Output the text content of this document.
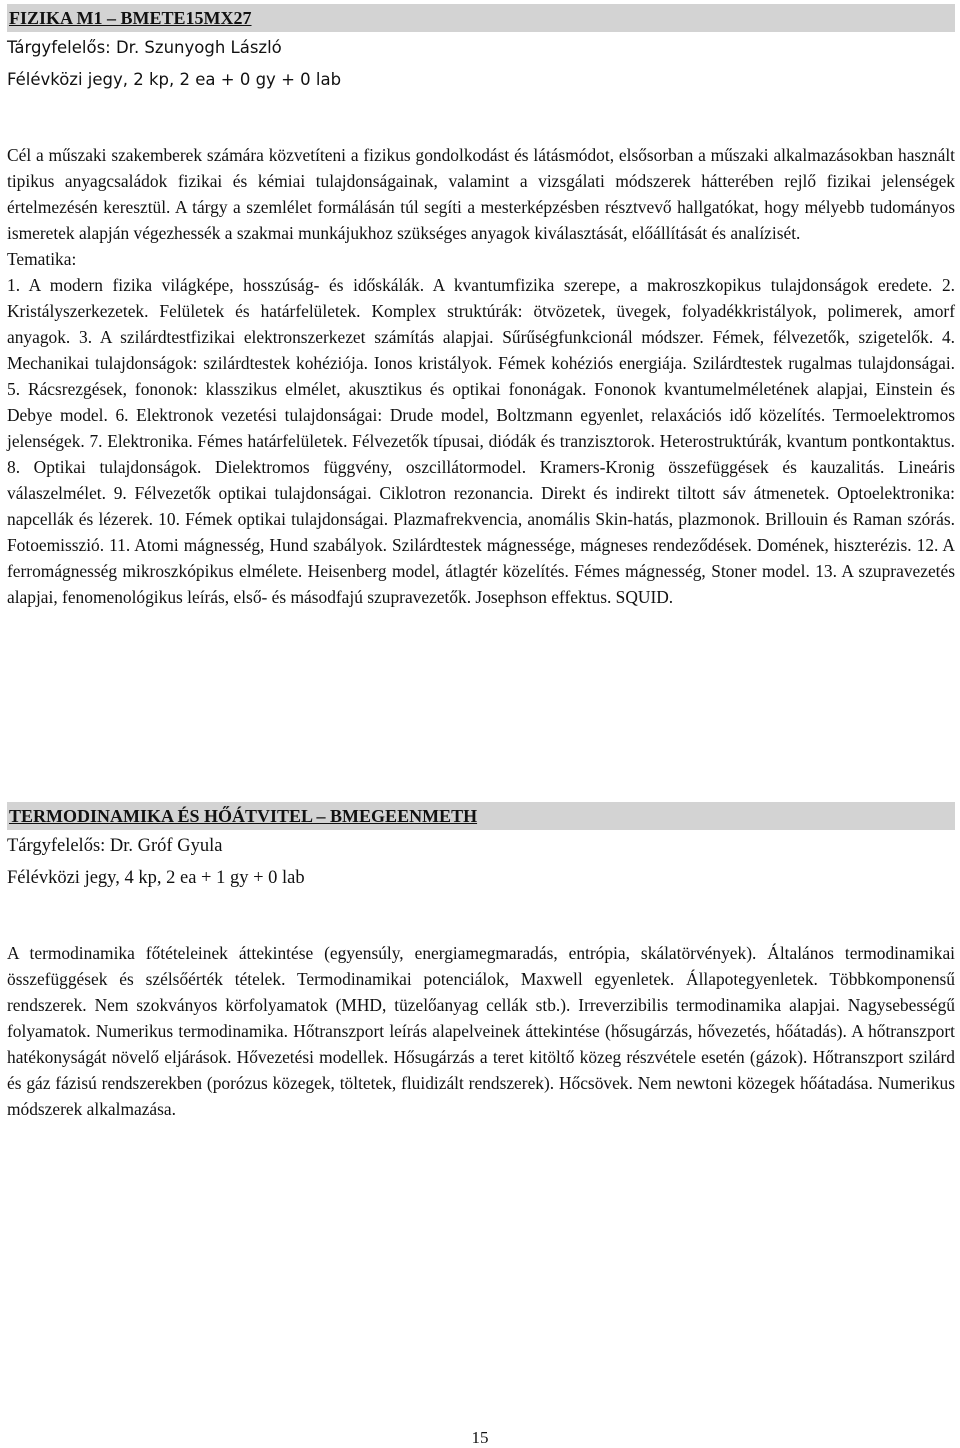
FIZIKA M1 – BMETE15MX27

Tárgyfelelős: Dr. Szunyogh László

Félévközi jegy, 2 kp, 2 ea + 0 gy + 0 lab

Cél a műszaki szakemberek számára közvetíteni a fizikus gondolkodást és látásmódot, elsősorban a műszaki alkalmazásokban használt tipikus anyagcsaládok fizikai és kémiai tulajdonságainak, valamint a vizsgálati módszerek hátterében rejlő fizikai jelenségek értelmezésén keresztül. A tárgy a szemlélet formálásán túl segíti a mesterképzésben résztvevő hallgatókat, hogy mélyebb tudományos ismeretek alapján végezhessék a szakmai munkájukhoz szükséges anyagok kiválasztását, előállítását és analízisét.

Tematika:

1. A modern fizika világképe, hosszúság- és időskálák. A kvantumfizika szerepe, a makroszkopikus tulajdonságok eredete. 2. Kristályszerkezetek. Felületek és határfelületek. Komplex struktúrák: ötvözetek, üvegek, folyadékkristályok, polimerek, amorf anyagok. 3. A szilárdtestfizikai elektronszerkezet számítás alapjai. Sűrűségfunkcionál módszer. Fémek, félvezetők, szigetelők. 4. Mechanikai tulajdonságok: szilárdtestek kohéziója. Ionos kristályok. Fémek kohéziós energiája. Szilárdtestek rugalmas tulajdonságai. 5. Rácsrezgések, fononok: klasszikus elmélet, akusztikus és optikai fononágak. Fononok kvantumelméletének alapjai, Einstein és Debye model. 6. Elektronok vezetési tulajdonságai: Drude model, Boltzmann egyenlet, relaxációs idő közelítés. Termoelektromos jelenségek. 7. Elektronika. Fémes határfelületek. Félvezetők típusai, diódák és tranzisztorok. Heterostruktúrák, kvantum pontkontaktus. 8. Optikai tulajdonságok. Dielektromos függvény, oszcillátormodel. Kramers-Kronig összefüggések és kauzalitás. Lineáris válaszelmélet. 9. Félvezetők optikai tulajdonságai. Ciklotron rezonancia. Direkt és indirekt tiltott sáv átmenetek. Optoelektronika: napcellák és lézerek. 10. Fémek optikai tulajdonságai. Plazmafrekvencia, anomális Skin-hatás, plazmonok. Brillouin és Raman szórás. Fotoemisszió. 11. Atomi mágnesség, Hund szabályok. Szilárdtestek mágnessége, mágneses rendeződések. Domének, hiszterézis. 12. A ferromágnesség mikroszkópikus elmélete. Heisenberg model, átlagtér közelítés. Fémes mágnesség, Stoner model. 13. A szupravezetés alapjai, fenomenológikus leírás, első- és másodfajú szupravezetők. Josephson effektus. SQUID.

TERMODINAMIKA ÉS HŐÁTVITEL – BMEGEENMETH

Tárgyfelelős: Dr. Gróf Gyula

Félévközi jegy, 4 kp, 2 ea + 1 gy + 0 lab

A termodinamika főtételeinek áttekintése (egyensúly, energiamegmaradás, entrópia, skálatörvények). Általános termodinamikai összefüggések és szélsőérték tételek. Termodinamikai potenciálok, Maxwell egyenletek. Állapotegyenletek. Többkomponensű rendszerek. Nem szokványos körfolyamatok (MHD, tüzelőanyag cellák stb.). Irreverzibilis termodinamika alapjai. Nagysebességű folyamatok. Numerikus termodinamika. Hőtranszport leírás alapelveinek áttekintése (hősugárzás, hővezetés, hőátadás). A hőtranszport hatékonyságát növelő eljárások. Hővezetési modellek. Hősugárzás a teret kitöltő közeg részvétele esetén (gázok). Hőtranszport szilárd és gáz fázisú rendszerekben (porózus közegek, töltetek, fluidizált rendszerek). Hőcsövek. Nem newtoni közegek hőátadása. Numerikus módszerek alkalmazása.

15
